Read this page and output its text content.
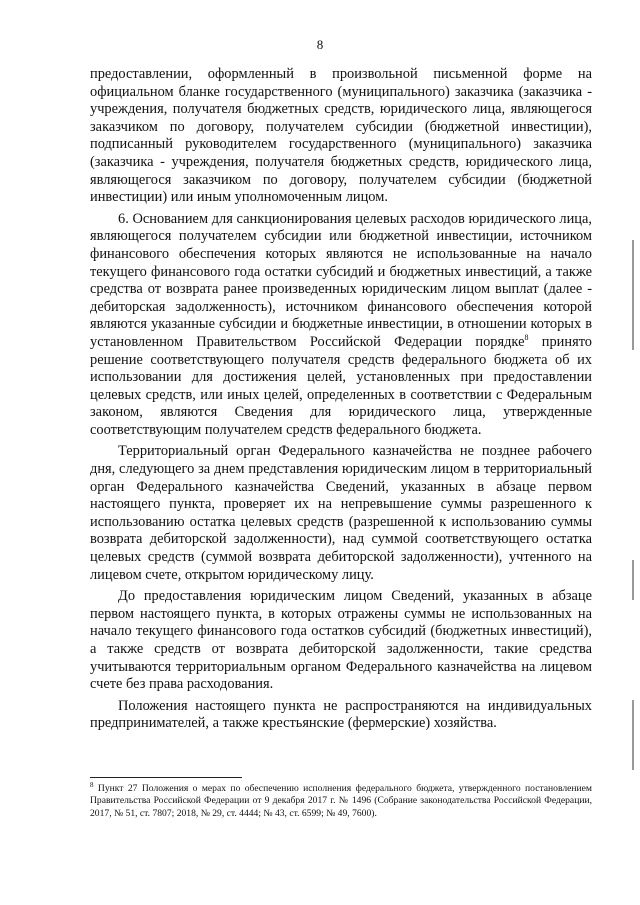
8

предоставлении, оформленный в произвольной письменной форме на официальном бланке государственного (муниципального) заказчика (заказчика - учреждения, получателя бюджетных средств, юридического лица, являющегося заказчиком по договору, получателем субсидии (бюджетной инвестиции), подписанный руководителем государственного (муниципального) заказчика (заказчика - учреждения, получателя бюджетных средств, юридического лица, являющегося заказчиком по договору, получателем субсидии (бюджетной инвестиции) или иным уполномоченным лицом.

6. Основанием для санкционирования целевых расходов юридического лица, являющегося получателем субсидии или бюджетной инвестиции, источником финансового обеспечения которых являются не использованные на начало текущего финансового года остатки субсидий и бюджетных инвестиций, а также средства от возврата ранее произведенных юридическим лицом выплат (далее - дебиторская задолженность), источником финансового обеспечения которой являются указанные субсидии и бюджетные инвестиции, в отношении которых в установленном Правительством Российской Федерации порядке$^8$ принято решение соответствующего получателя средств федерального бюджета об их использовании для достижения целей, установленных при предоставлении целевых средств, или иных целей, определенных в соответствии с Федеральным законом, являются Сведения для юридического лица, утвержденные соответствующим получателем средств федерального бюджета.

Территориальный орган Федерального казначейства не позднее рабочего дня, следующего за днем представления юридическим лицом в территориальный орган Федерального казначейства Сведений, указанных в абзаце первом настоящего пункта, проверяет их на непревышение суммы разрешенного к использованию остатка целевых средств (разрешенной к использованию суммы возврата дебиторской задолженности), над суммой соответствующего остатка целевых средств (суммой возврата дебиторской задолженности), учтенного на лицевом счете, открытом юридическому лицу.

До предоставления юридическим лицом Сведений, указанных в абзаце первом настоящего пункта, в которых отражены суммы не использованных на начало текущего финансового года остатков субсидий (бюджетных инвестиций), а также средств от возврата дебиторской задолженности, такие средства учитываются территориальным органом Федерального казначейства на лицевом счете без права расходования.

Положения настоящего пункта не распространяются на индивидуальных предпринимателей, а также крестьянские (фермерские) хозяйства.

$^8$ Пункт 27 Положения о мерах по обеспечению исполнения федерального бюджета, утвержденного постановлением Правительства Российской Федерации от 9 декабря 2017 г. № 1496 (Собрание законодательства Российской Федерации, 2017, № 51, ст. 7807; 2018, № 29, ст. 4444; № 43, ст. 6599; № 49, 7600).
